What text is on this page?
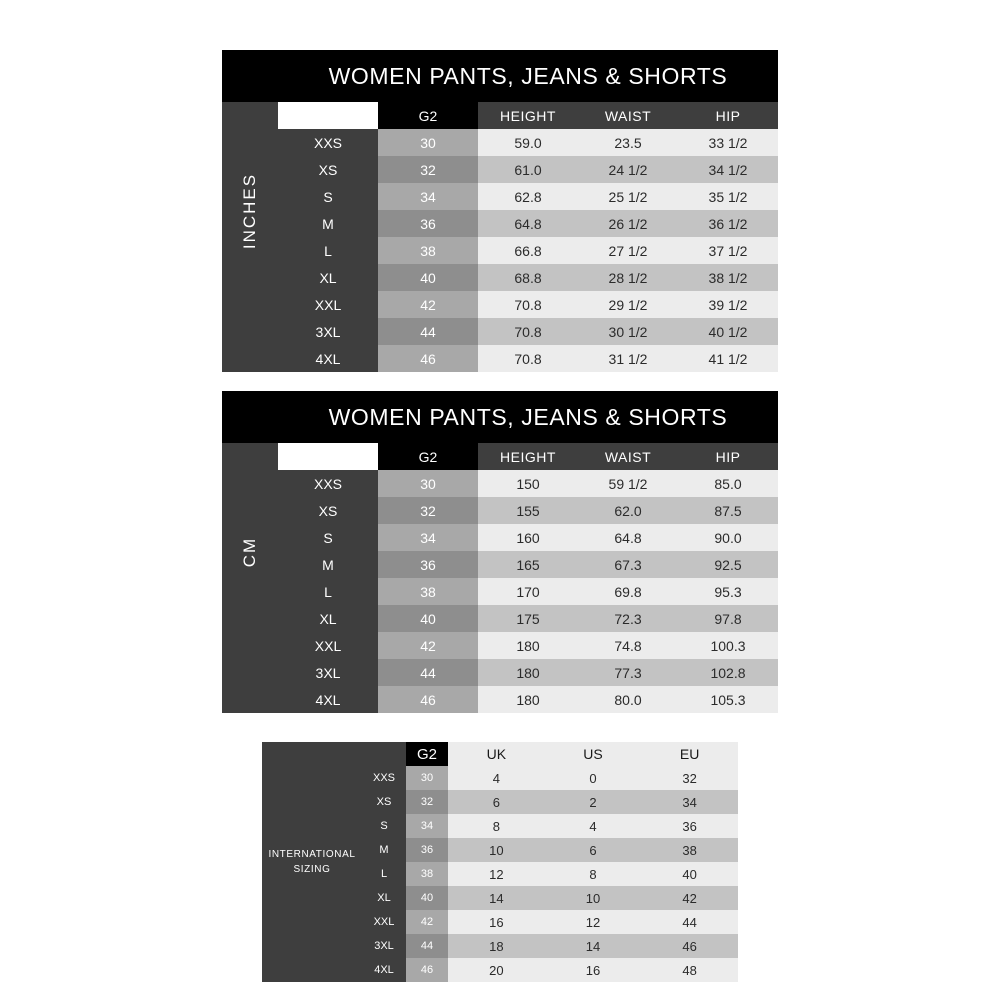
INCHES
WOMEN PANTS, JEANS & SHORTS
	G2	HEIGHT	WAIST	HIP
XXS	30	59.0	23.5	33 1/2
XS	32	61.0	24 1/2	34 1/2
S	34	62.8	25 1/2	35 1/2
M	36	64.8	26 1/2	36 1/2
L	38	66.8	27 1/2	37 1/2
XL	40	68.8	28 1/2	38 1/2
XXL	42	70.8	29 1/2	39 1/2
3XL	44	70.8	30 1/2	40 1/2
4XL	46	70.8	31 1/2	41 1/2
CM
WOMEN PANTS, JEANS & SHORTS
	G2	HEIGHT	WAIST	HIP
XXS	30	150	59 1/2	85.0
XS	32	155	62.0	87.5
S	34	160	64.8	90.0
M	36	165	67.3	92.5
L	38	170	69.8	95.3
XL	40	175	72.3	97.8
XXL	42	180	74.8	100.3
3XL	44	180	77.3	102.8
4XL	46	180	80.0	105.3
INTERNATIONAL SIZING
	G2	UK	US	EU
XXS	30	4	0	32
XS	32	6	2	34
S	34	8	4	36
M	36	10	6	38
L	38	12	8	40
XL	40	14	10	42
XXL	42	16	12	44
3XL	44	18	14	46
4XL	46	20	16	48
